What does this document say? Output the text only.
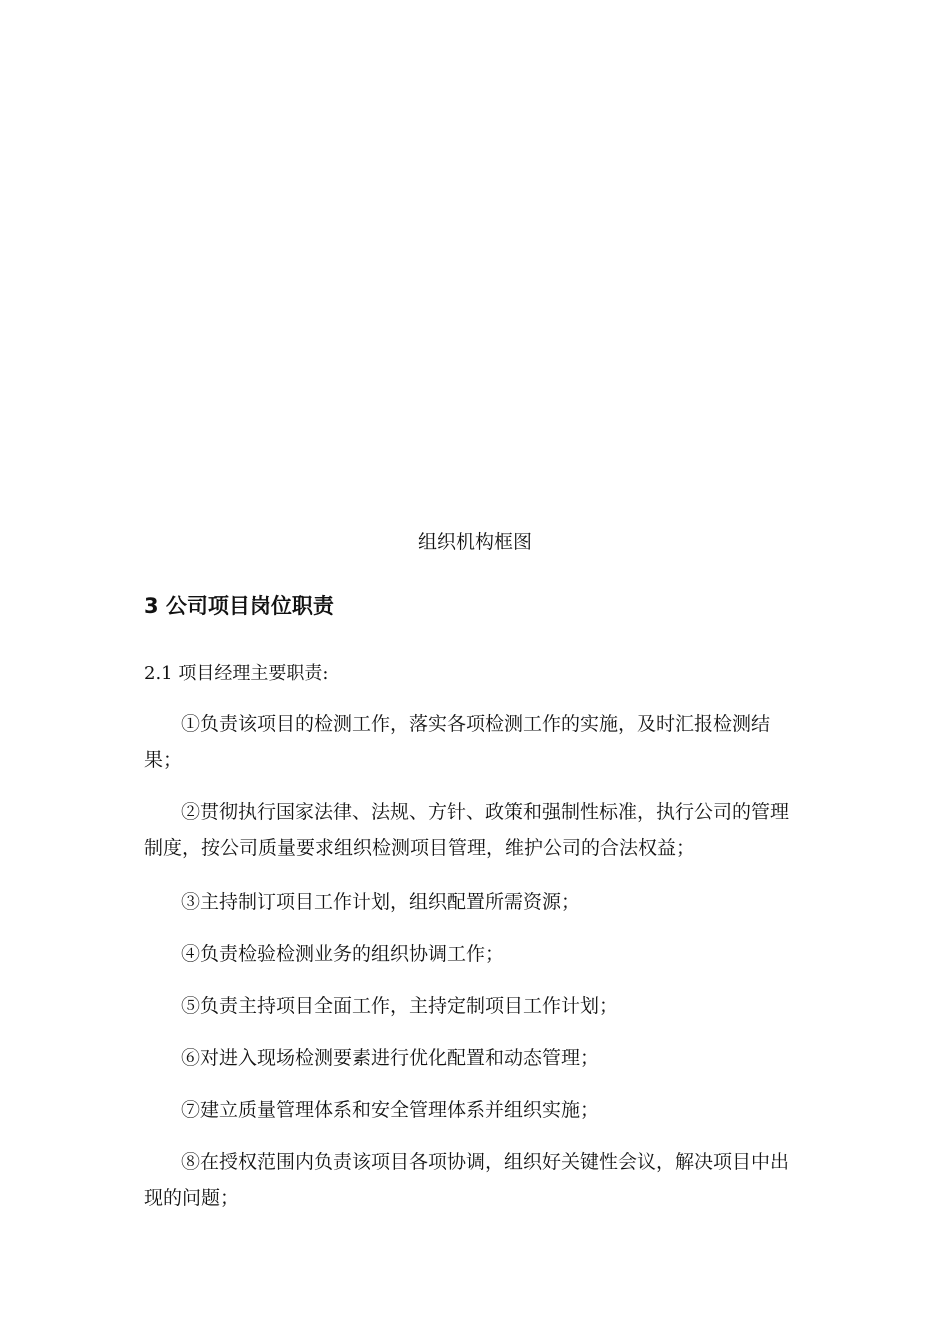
组织机构框图
3 公司项目岗位职责
2.1 项目经理主要职责:

①负责该项目的检测工作，落实各项检测工作的实施，及时汇报检测结果；

②贯彻执行国家法律、法规、方针、政策和强制性标准，执行公司的管理制度，按公司质量要求组织检测项目管理，维护公司的合法权益；

③主持制订项目工作计划，组织配置所需资源；

④负责检验检测业务的组织协调工作；

⑤负责主持项目全面工作，主持定制项目工作计划；

⑥对进入现场检测要素进行优化配置和动态管理；

⑦建立质量管理体系和安全管理体系并组织实施；

⑧在授权范围内负责该项目各项协调，组织好关键性会议，解决项目中出现的问题；
